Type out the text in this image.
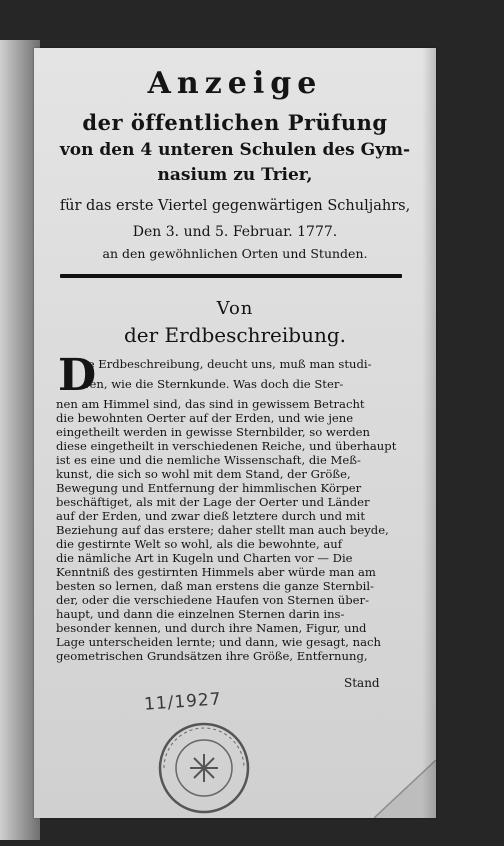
Anzeige
der öffentlichen Prüfung
von den 4 unteren Schulen des Gym-
nasium zu Trier,
für das erste Viertel gegenwärtigen Schuljahrs,
Den 3. und 5. Februar. 1777.
an den gewöhnlichen Orten und Stunden.
Von
der Erdbeschreibung.
D
ie Erdbeschreibung, deucht uns, muß man studi-
ren, wie die Sternkunde. Was doch die Ster-
nen am Himmel sind, das sind in gewissem Betracht
die bewohnten Oerter auf der Erden, und wie jene
eingetheilt werden in gewisse Sternbilder, so werden
diese eingetheilt in verschiedenen Reiche, und überhaupt
ist es eine und die nemliche Wissenschaft, die Meß-
kunst, die sich so wohl mit dem Stand, der Größe,
Bewegung und Entfernung der himmlischen Körper
beschäftiget, als mit der Lage der Oerter und Länder
auf der Erden, und zwar dieß letztere durch und mit
Beziehung auf das erstere; daher stellt man auch beyde,
die gestirnte Welt so wohl, als die bewohnte, auf
die nämliche Art in Kugeln und Charten vor — Die
Kenntniß des gestirnten Himmels aber würde man am
besten so lernen, daß man erstens die ganze Sternbil-
der, oder die verschiedene Haufen von Sternen über-
haupt, und dann die einzelnen Sternen darin ins-
besonder kennen, und durch ihre Namen, Figur, und
Lage unterscheiden lernte; und dann, wie gesagt, nach
geometrischen Grundsätzen ihre Größe, Entfernung,
Stand
11/1927
